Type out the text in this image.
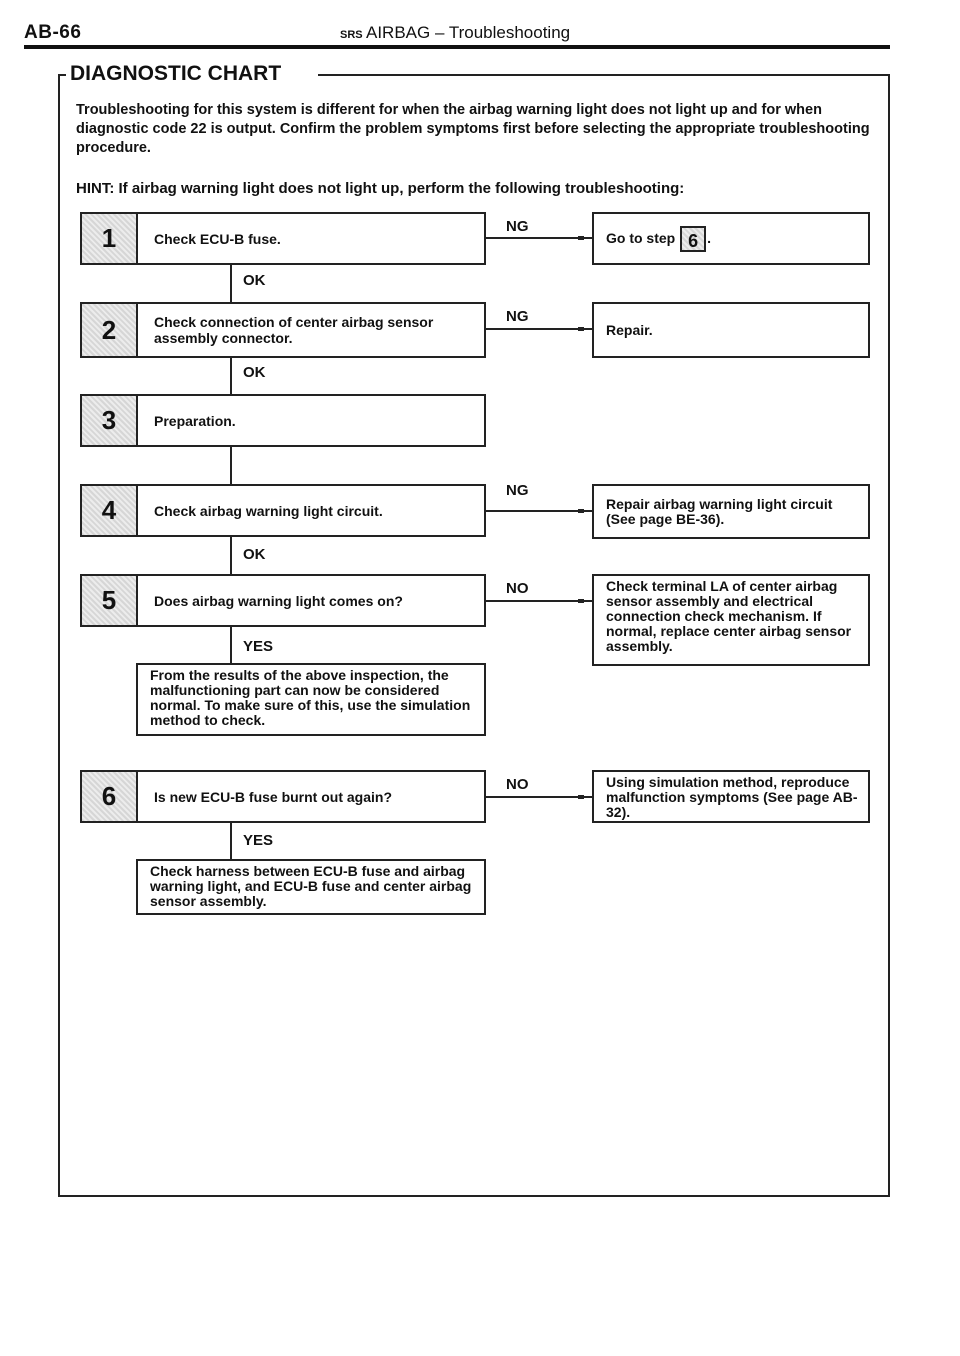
AB-66	SRS AIRBAG – Troubleshooting
DIAGNOSTIC CHART
Troubleshooting for this system is different for when the airbag warning light does not light up and for when diagnostic code 22 is output. Confirm the problem symptoms first before selecting the appropriate troubleshooting procedure.
HINT: If airbag warning light does not light up, perform the following troubleshooting:
1	Check ECU-B fuse.
NG
Go to step
6 .
OK
2	Check connection of center airbag sensor assembly connector.
NG
Repair.
OK
3	Preparation.
4	Check airbag warning light circuit.
NG
Repair airbag warning light circuit (See page BE-36).
OK
5	Does airbag warning light comes on?
NO	Check terminal LA of center airbag sensor assembly and electrical connection check mechanism. If normal, replace center airbag sensor assembly.
YES
From the results of the above inspection, the malfunctioning part can now be considered normal. To make sure of this, use the simulation method to check.
6	Is new ECU-B fuse burnt out again?
NO	Using simulation method, reproduce malfunction symptoms (See page AB-32).
YES
Check harness between ECU-B fuse and airbag warning light, and ECU-B fuse and center airbag sensor assembly.
